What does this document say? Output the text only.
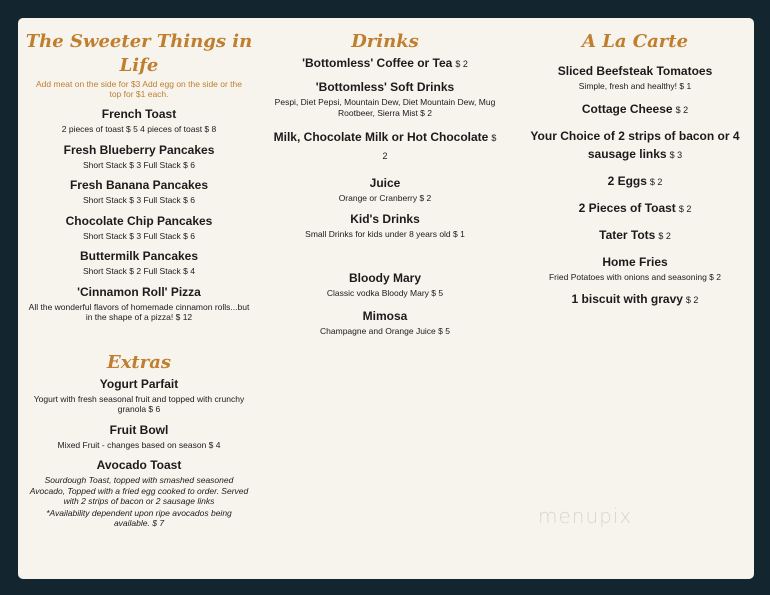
The Sweeter Things in Life
Add meat on the side for $3 Add egg on the side or the top for $1 each.
French Toast
2 pieces of toast $ 5 4 pieces of toast $ 8
Fresh Blueberry Pancakes
Short Stack $ 3 Full Stack $ 6
Fresh Banana Pancakes
Short Stack $ 3 Full Stack $ 6
Chocolate Chip Pancakes
Short Stack $ 3 Full Stack $ 6
Buttermilk Pancakes
Short Stack $ 2 Full Stack $ 4
'Cinnamon Roll' Pizza
All the wonderful flavors of homemade cinnamon rolls...but in the shape of a pizza! $ 12
Extras
Yogurt Parfait
Yogurt with fresh seasonal fruit and topped with crunchy granola $ 6
Fruit Bowl
Mixed Fruit - changes based on season $ 4
Avocado Toast
Sourdough Toast, topped with smashed seasoned Avocado, Topped with a fried egg cooked to order. Served with 2 strips of bacon or 2 sausage links
*Availability dependent upon ripe avocados being available. $ 7
Drinks
'Bottomless' Coffee or Tea $ 2
'Bottomless' Soft Drinks
Pespi, Diet Pepsi, Mountain Dew, Diet Mountain Dew, Mug Rootbeer, Sierra Mist $ 2
Milk, Chocolate Milk or Hot Chocolate $ 2
Juice
Orange or Cranberry $ 2
Kid's Drinks
Small Drinks for kids under 8 years old $ 1
Bloody Mary
Classic vodka Bloody Mary $ 5
Mimosa
Champagne and Orange Juice $ 5
A La Carte
Sliced Beefsteak Tomatoes
Simple, fresh and healthy! $ 1
Cottage Cheese $ 2
Your Choice of 2 strips of bacon or 4 sausage links $ 3
2 Eggs $ 2
2 Pieces of Toast $ 2
Tater Tots $ 2
Home Fries
Fried Potatoes with onions and seasoning $ 2
1 biscuit with gravy $ 2
menupix
